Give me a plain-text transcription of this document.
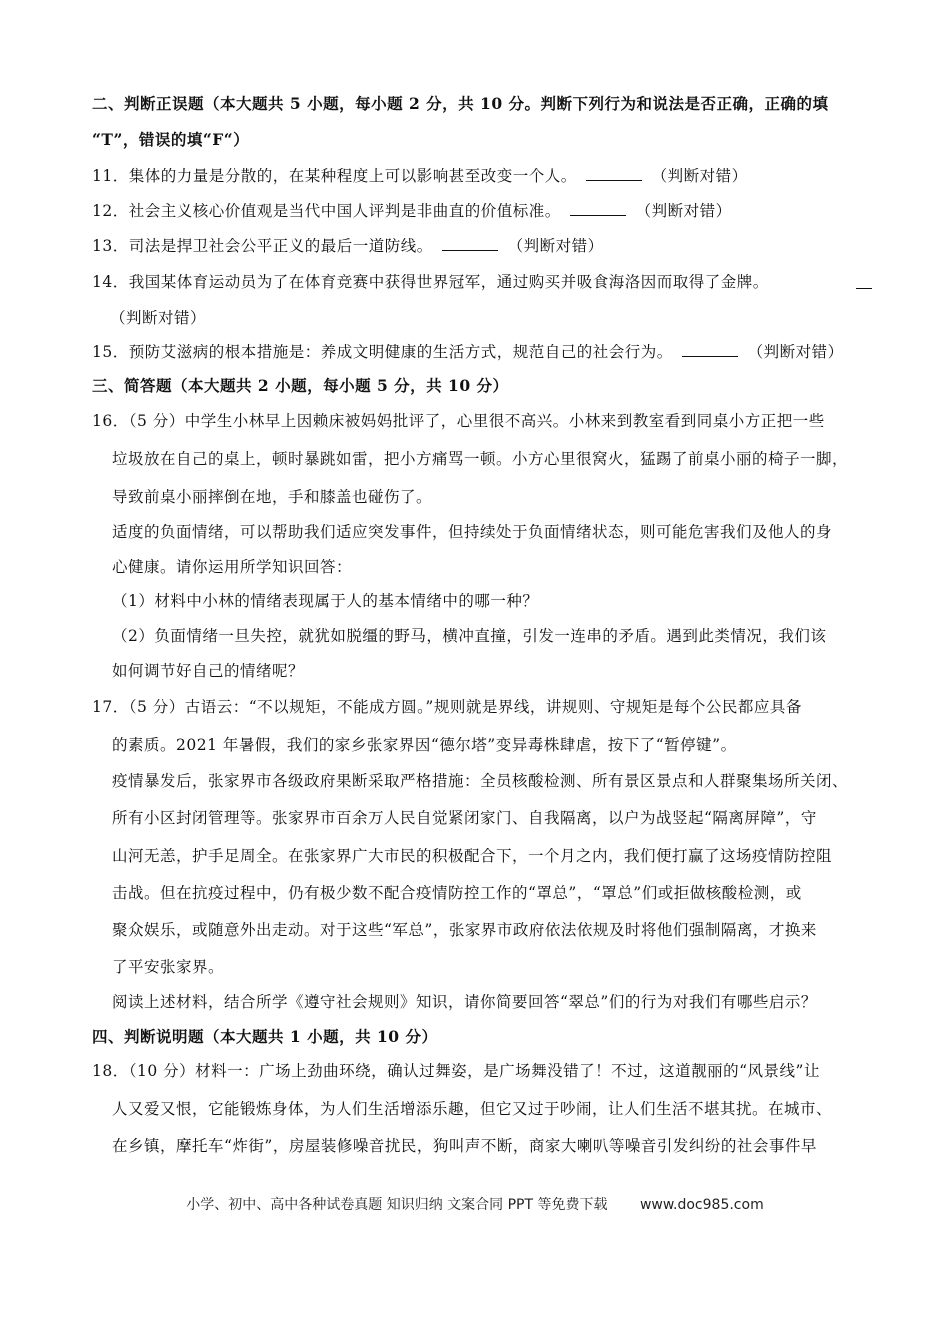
二、判断正误题（本大题共 5 小题，每小题 2 分，共 10 分。判断下列行为和说法是否正确，正确的填
“T”，错误的填“F“）
11．集体的力量是分散的，在某种程度上可以影响甚至改变一个人。	（判断对错）
12．社会主义核心价值观是当代中国人评判是非曲直的价值标准。	（判断对错）
13．司法是捍卫社会公平正义的最后一道防线。	（判断对错）
14．我国某体育运动员为了在体育竞赛中获得世界冠军，通过购买并吸食海洛因而取得了金牌。
（判断对错）
15．预防艾滋病的根本措施是：养成文明健康的生活方式，规范自己的社会行为。	（判断对错）
三、简答题（本大题共 2 小题，每小题 5 分，共 10 分）
16．（5 分）中学生小林早上因赖床被妈妈批评了，心里很不高兴。小林来到教室看到同桌小方正把一些
垃圾放在自己的桌上，顿时暴跳如雷，把小方痛骂一顿。小方心里很窝火，猛踢了前桌小丽的椅子一脚，
导致前桌小丽摔倒在地，手和膝盖也碰伤了。
适度的负面情绪，可以帮助我们适应突发事件，但持续处于负面情绪状态，则可能危害我们及他人的身
心健康。请你运用所学知识回答：
（1）材料中小林的情绪表现属于人的基本情绪中的哪一种？
（2）负面情绪一旦失控，就犹如脱缰的野马，横冲直撞，引发一连串的矛盾。遇到此类情况，我们该
如何调节好自己的情绪呢？
17．（5 分）古语云：“不以规矩，不能成方圆。”规则就是界线，讲规则、守规矩是每个公民都应具备
的素质。2021 年暑假，我们的家乡张家界因“德尔塔”变异毒株肆虐，按下了“暂停键”。
疫情暴发后，张家界市各级政府果断采取严格措施：全员核酸检测、所有景区景点和人群聚集场所关闭、
所有小区封闭管理等。张家界市百余万人民自觉紧闭家门、自我隔离，以户为战竖起“隔离屏障”，守
山河无恙，护手足周全。在张家界广大市民的积极配合下，一个月之内，我们便打赢了这场疫情防控阻
击战。但在抗疫过程中，仍有极少数不配合疫情防控工作的“罩总”，“罩总”们或拒做核酸检测，或
聚众娱乐，或随意外出走动。对于这些“军总”，张家界市政府依法依规及时将他们强制隔离，才换来
了平安张家界。
阅读上述材料，结合所学《遵守社会规则》知识，请你简要回答“翠总”们的行为对我们有哪些启示？
四、判断说明题（本大题共 1 小题，共 10 分）
18．（10 分）材料一：广场上劲曲环绕，确认过舞姿，是广场舞没错了！不过，这道靓丽的“风景线”让
人又爱又恨，它能锻炼身体，为人们生活增添乐趣，但它又过于吵闹，让人们生活不堪其扰。在城市、
在乡镇，摩托车“炸街”，房屋装修噪音扰民，狗叫声不断，商家大喇叭等噪音引发纠纷的社会事件早
小学、初中、高中各种试卷真题 知识归纳 文案合同 PPT 等免费下载 www.doc985.com
